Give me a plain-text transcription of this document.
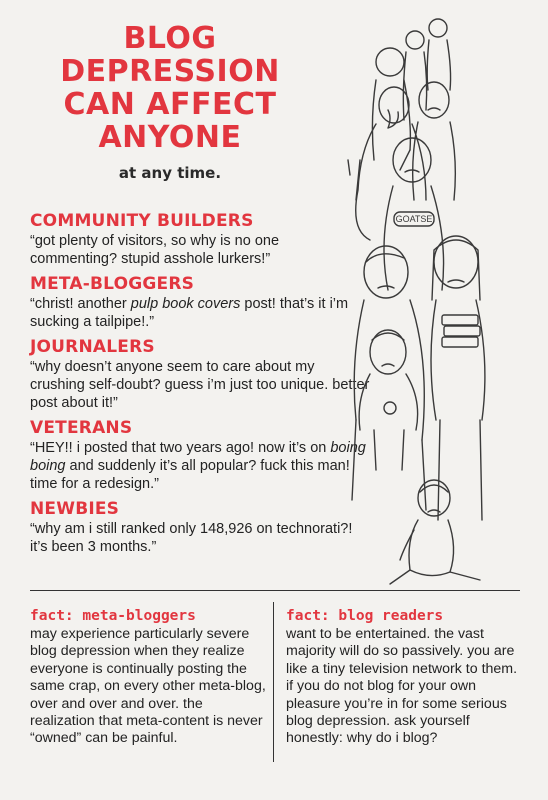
BLOG
DEPRESSION
CAN AFFECT
ANYONE
at any time.
COMMUNITY BUILDERS
“got plenty of visitors, so why is no one commenting? stupid asshole lurkers!”
META-BLOGGERS
“christ! another pulp book covers post! that’s it i’m sucking a tailpipe!.”
JOURNALERS
“why doesn’t anyone seem to care about my crushing self-doubt? guess i’m just too unique. better post about it!”
VETERANS
“HEY!! i posted that two years ago! now it’s on boing boing and suddenly it’s all popular? fuck this man! time for a redesign.”
NEWBIES
“why am i still ranked only 148,926 on technorati?! it’s been 3 months.”
GOATSE
fact: meta-bloggers
may experience particularly severe blog depression when they realize everyone is continually posting the same crap, on every other meta-blog, over and over and over. the realization that meta-content is never “owned” can be painful.
fact: blog readers
want to be entertained. the vast majority will do so passively. you are like a tiny television network to them. if you do not blog for your own pleasure you’re in for some serious blog depression. ask yourself honestly: why do i blog?
